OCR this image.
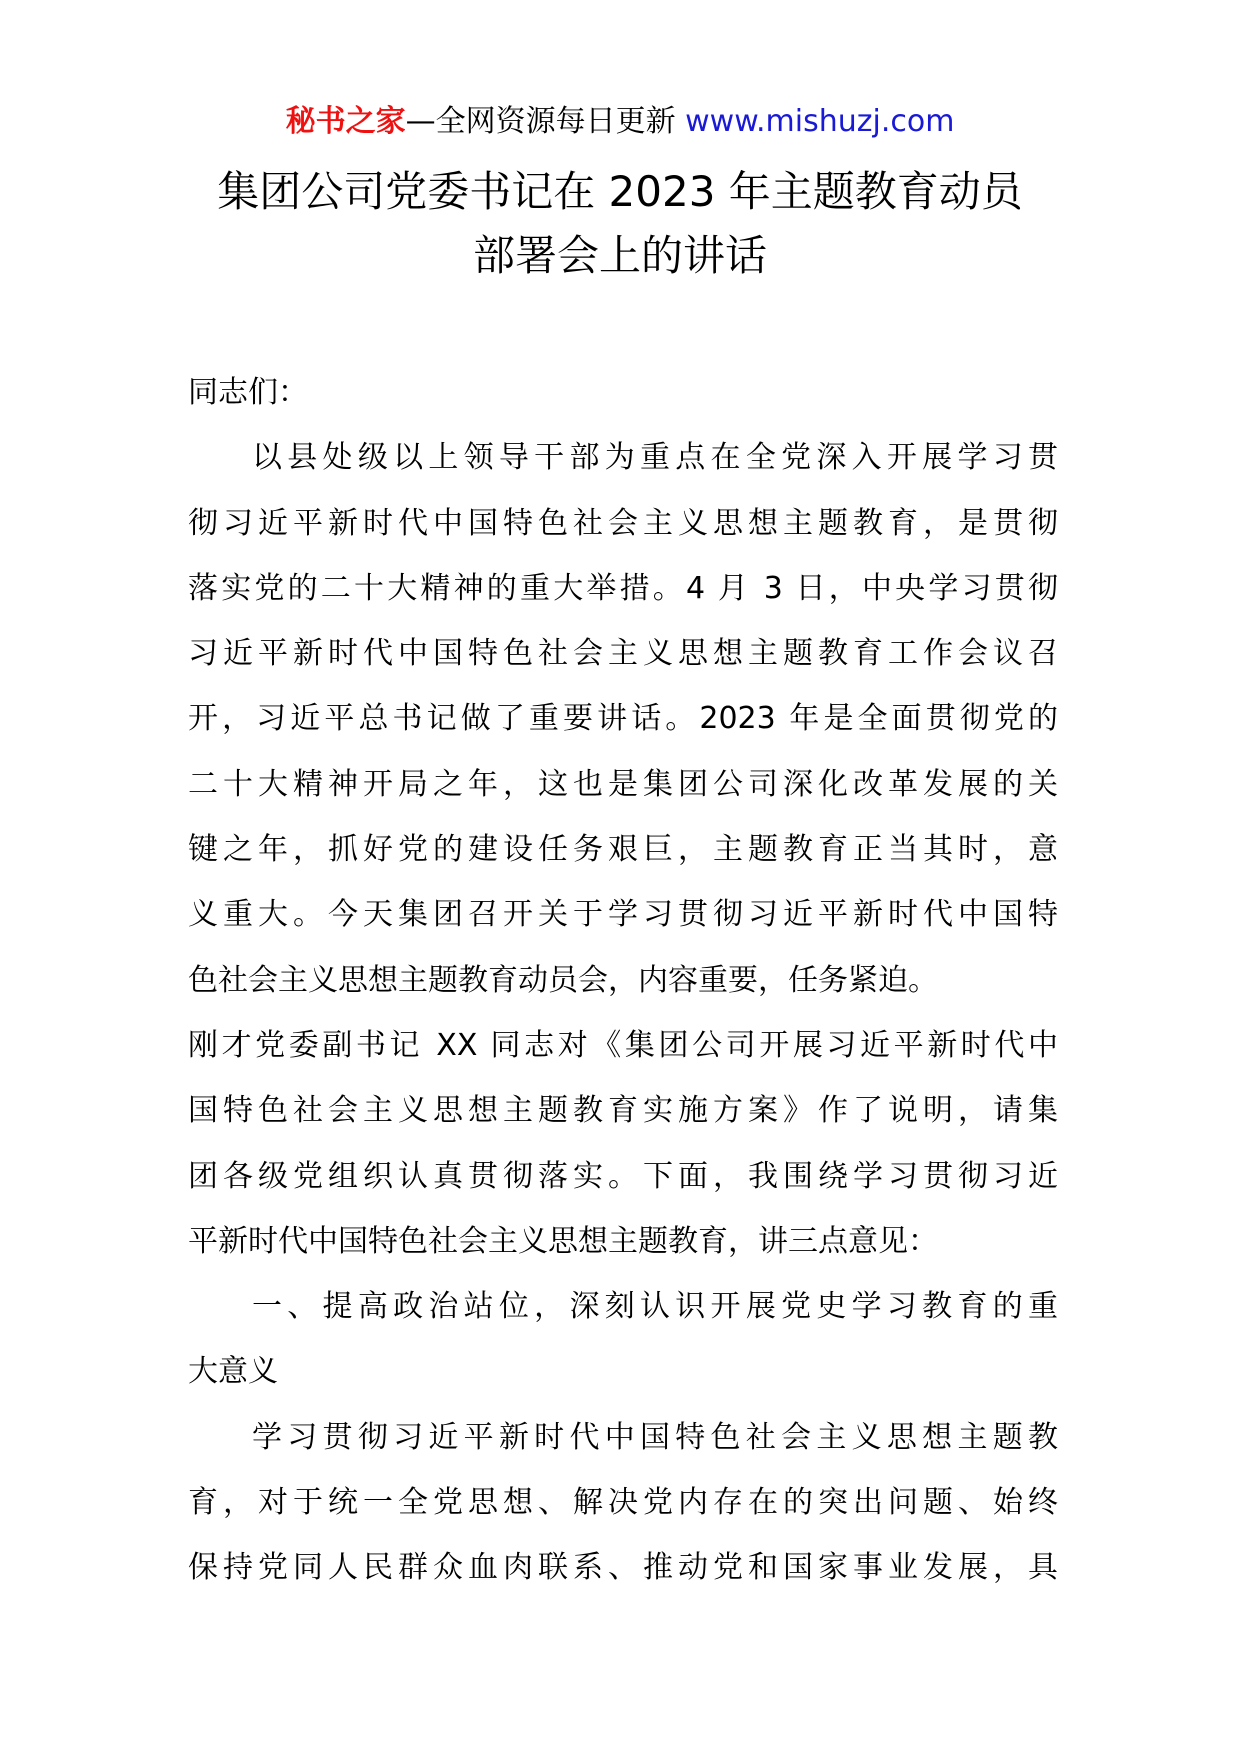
秘书之家—全网资源每日更新 www.mishuzj.com
集团公司党委书记在 2023 年主题教育动员
部署会上的讲话
同志们：
以县处级以上领导干部为重点在全党深入开展学习贯
彻习近平新时代中国特色社会主义思想主题教育，是贯彻
落实党的二十大精神的重大举措。4 月 3 日，中央学习贯彻
习近平新时代中国特色社会主义思想主题教育工作会议召
开，习近平总书记做了重要讲话。2023 年是全面贯彻党的
二十大精神开局之年，这也是集团公司深化改革发展的关
键之年，抓好党的建设任务艰巨，主题教育正当其时，意
义重大。今天集团召开关于学习贯彻习近平新时代中国特
色社会主义思想主题教育动员会，内容重要，任务紧迫。
刚才党委副书记 XX 同志对《集团公司开展习近平新时代中
国特色社会主义思想主题教育实施方案》作了说明，请集
团各级党组织认真贯彻落实。下面，我围绕学习贯彻习近
平新时代中国特色社会主义思想主题教育，讲三点意见：
一、提高政治站位，深刻认识开展党史学习教育的重
大意义
学习贯彻习近平新时代中国特色社会主义思想主题教
育，对于统一全党思想、解决党内存在的突出问题、始终
保持党同人民群众血肉联系、推动党和国家事业发展，具
